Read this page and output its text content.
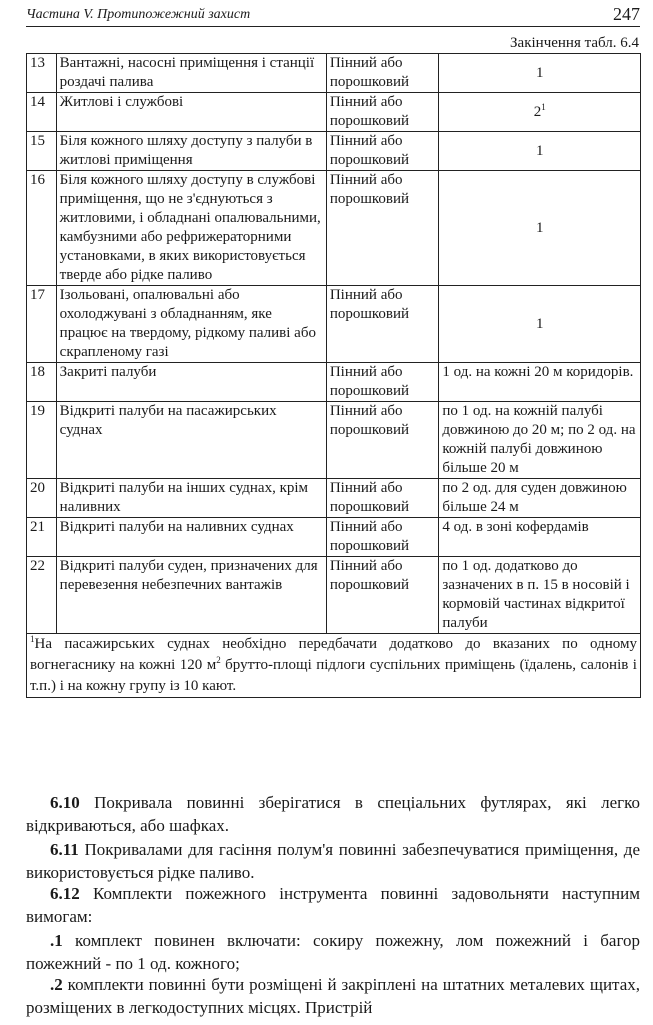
Частина V. Протипожежний захист	247
Закінчення табл. 6.4
13	Вантажні, насосні приміщення і станції роздачі палива	Пінний або порошковий	1
14	Житлові і службові	Пінний або порошковий	$2^1$
15	Біля кожного шляху доступу з палуби в житлові приміщення	Пінний або порошковий	1
16	Біля кожного шляху доступу в службові приміщення, що не з'єднуються з житловими, і обладнані опалювальними, камбузними або рефрижераторними установками, в яких використовується тверде або рідке паливо	Пінний або порошковий	1
17	Ізольовані, опалювальні або охолоджувані з обладнанням, яке працює на твердому, рідкому паливі або скрапленому газі	Пінний або порошковий	1
18	Закриті палуби	Пінний або порошковий	1 од. на кожні 20 м коридорів.
19	Відкриті палуби на пасажирських суднах	Пінний або порошковий	по 1 од. на кожній палубі довжиною до 20 м; по 2 од. на кожній палубі довжиною більше 20 м
20	Відкриті палуби на інших суднах, крім наливних	Пінний або порошковий	по 2 од. для суден довжиною більше 24 м
21	Відкриті палуби на наливних суднах	Пінний або порошковий	4 од. в зоні кофердамів
22	Відкриті палуби суден, призначених для перевезення небезпечних вантажів	Пінний або порошковий	по 1 од. додатково до зазначених в п. 15 в носовій і кормовій частинах відкритої палуби
$^1$На пасажирських суднах необхідно передбачати додатково до вказаних по одному вогнегаснику на кожні 120 $м^2$ брутто-площі підлоги суспільних приміщень (їдалень, салонів і т.п.) і на кожну групу із 10 кают.			

6.10 Покривала повинні зберігатися в спеціальних футлярах, які легко відкриваються, або шафках.

6.11 Покривалами для гасіння полум'я повинні забезпечуватися приміщення, де використовується рідке паливо.

6.12 Комплекти пожежного інструмента повинні задовольняти наступним вимогам:

.1 комплект повинен включати: сокиру пожежну, лом пожежний і багор пожежний - по 1 од. кожного;

.2 комплекти повинні бути розміщені й закріплені на штатних металевих щитах, розміщених в легкодоступних місцях. Пристрій
